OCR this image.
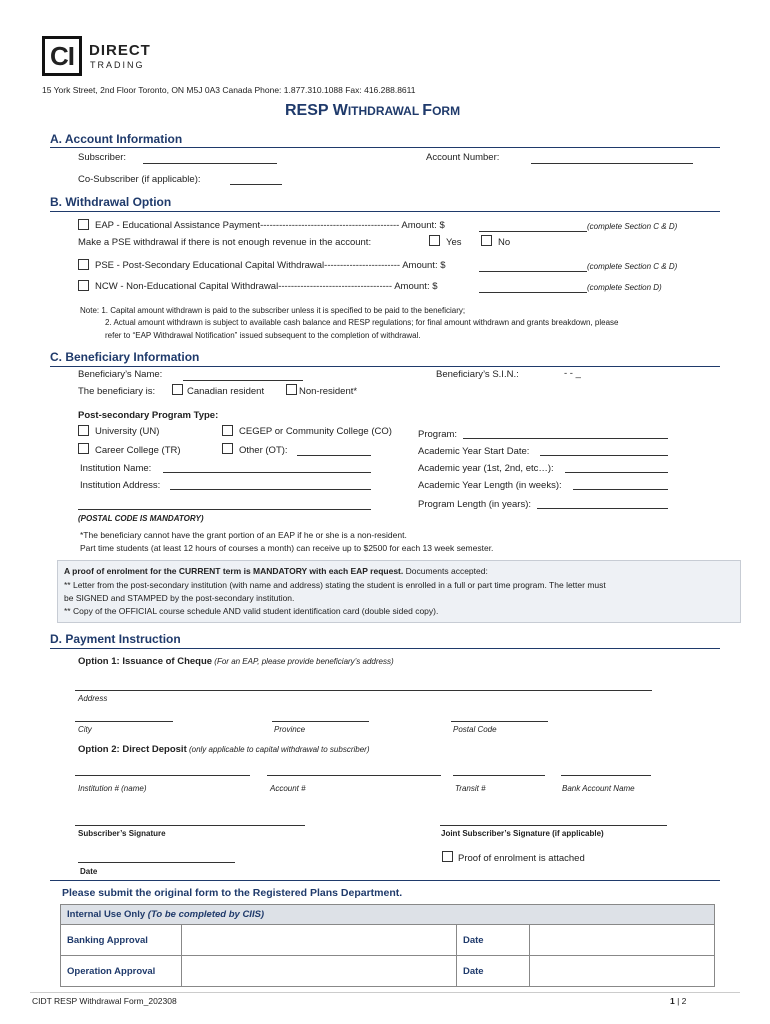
CI	DIRECT
TRADING
15 York Street, 2nd Floor Toronto, ON M5J 0A3 Canada Phone: 1.877.310.1088 Fax: 416.288.8611
RESP WITHDRAWAL FORM
A. Account Information
Subscriber:	Account Number:
Co-Subscriber (if applicable):
B. Withdrawal Option
EAP - Educational Assistance Payment-------------------------------------------- Amount: $	(complete Section C & D)
Make a PSE withdrawal if there is not enough revenue in the account:	Yes	No
PSE - Post-Secondary Educational Capital Withdrawal------------------------ Amount: $	(complete Section C & D)
NCW - Non-Educational Capital Withdrawal------------------------------------ Amount: $	(complete Section D)
Note: 1. Capital amount withdrawn is paid to the subscriber unless it is specified to be paid to the beneficiary;
2. Actual amount withdrawn is subject to available cash balance and RESP regulations; for final amount withdrawn and grants breakdown, please
refer to “EAP Withdrawal Notification” issued subsequent to the completion of withdrawal.
C. Beneficiary Information
Beneficiary’s Name:	Beneficiary’s S.I.N.:	- - _
The beneficiary is:	Canadian resident	Non-resident*
Post-secondary Program Type:
University (UN)	CEGEP or Community College (CO)
Career College (TR)	Other (OT):
Program:
Academic Year Start Date:
Academic year (1st, 2nd, etc…):
Academic Year Length (in weeks):
Program Length (in years):
Institution Name:
Institution Address:
(POSTAL CODE IS MANDATORY)
*The beneficiary cannot have the grant portion of an EAP if he or she is a non-resident.
Part time students (at least 12 hours of courses a month) can receive up to $2500 for each 13 week semester.
A proof of enrolment for the CURRENT term is MANDATORY with each EAP request. Documents accepted:
** Letter from the post-secondary institution (with name and address) stating the student is enrolled in a full or part time program. The letter must
be SIGNED and STAMPED by the post-secondary institution.
** Copy of the OFFICIAL course schedule AND valid student identification card (double sided copy).
D. Payment Instruction
Option 1: Issuance of Cheque (For an EAP, please provide beneficiary’s address)
Address
City	Province	Postal Code
Option 2: Direct Deposit (only applicable to capital withdrawal to subscriber)
Institution # (name)	Account #	Transit #	Bank Account Name
Subscriber’s Signature	Joint Subscriber’s Signature (if applicable)
Proof of enrolment is attached
Date
Please submit the original form to the Registered Plans Department.
Internal Use Only (To be completed by CIIS)			
Banking Approval		Date	
Operation Approval		Date	
CIDT RESP Withdrawal Form_202308	1 | 2
